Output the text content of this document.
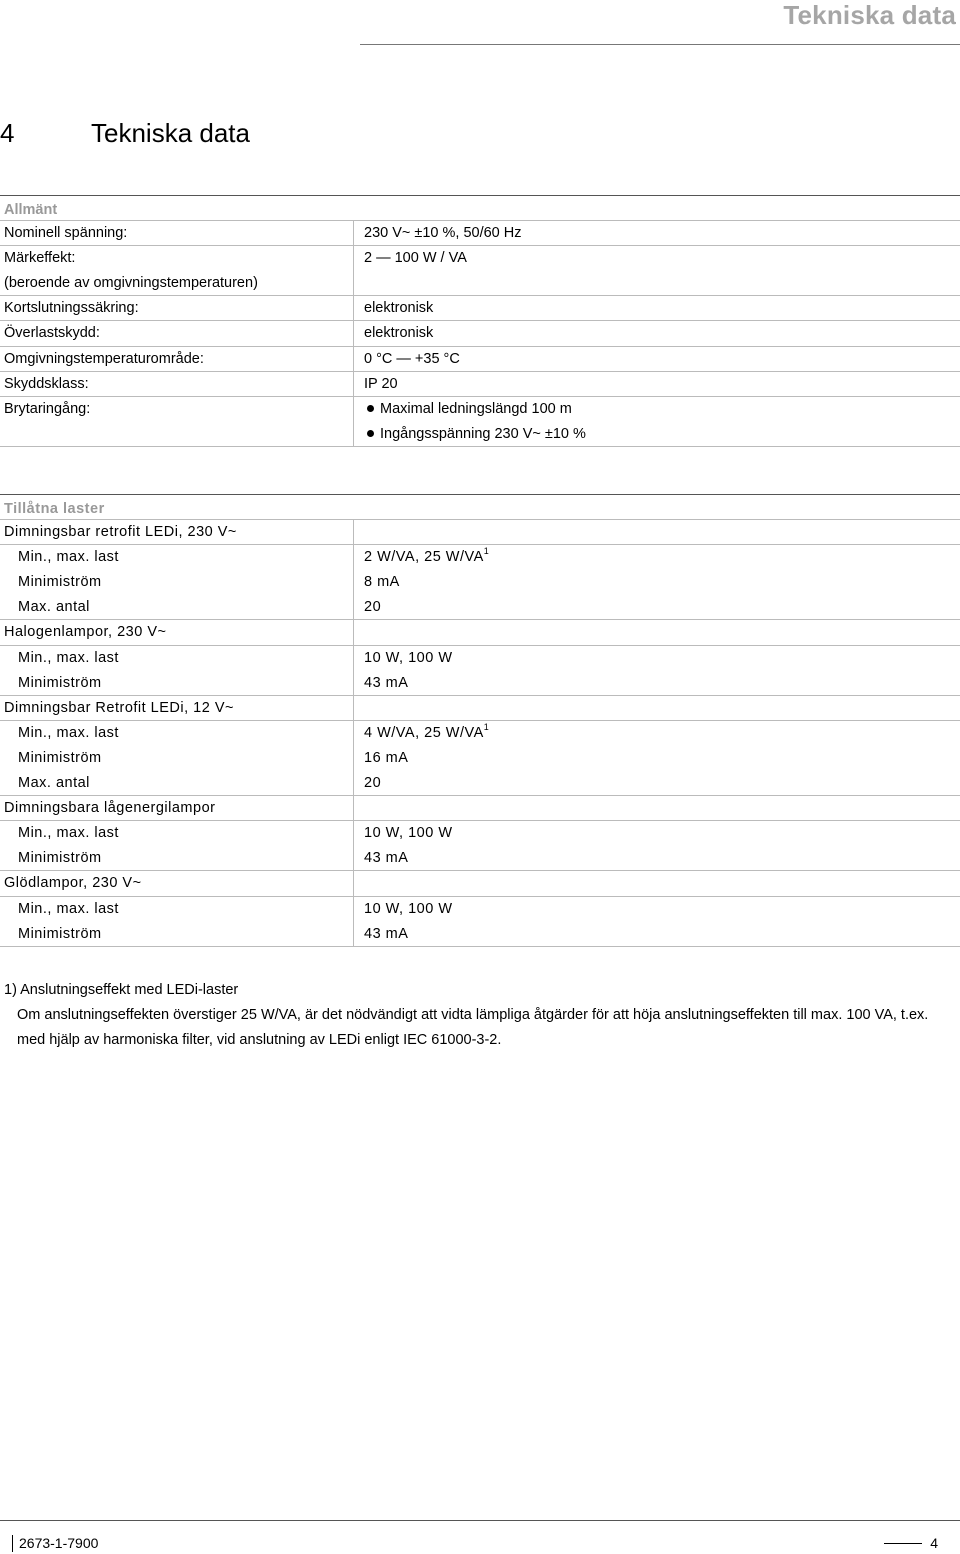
Tekniska data
4	Tekniska data
Allmänt
Nominell spänning:	230 V~ ±10 %, 50/60 Hz
Märkeffekt:	2 — 100 W / VA
(beroende av omgivningstemperaturen)
Kortslutningssäkring:	elektronisk
Överlastskydd:	elektronisk
Omgivningstemperaturområde:	0 °C — +35 °C
Skyddsklass:	IP 20
Brytaringång:	Maximal ledningslängd 100 m
Ingångsspänning 230 V~ ±10 %
Tillåtna laster
Dimningsbar retrofit LEDi, 230 V~
Min., max. last	2 W/VA, 25 $W/VA^1$
Minimiström	8 mA
Max. antal	20
Halogenlampor, 230 V~
Min., max. last	10 W, 100 W
Minimiström	43 mA
Dimningsbar Retrofit LEDi, 12 V~
Min., max. last	4 W/VA, 25 $W/VA^1$
Minimiström	16 mA
Max. antal	20
Dimningsbara lågenergilampor
Min., max. last	10 W, 100 W
Minimiström	43 mA
Glödlampor, 230 V~
Min., max. last	10 W, 100 W
Minimiström	43 mA
1) Anslutningseffekt med LEDi-laster
Om anslutningseffekten överstiger 25 W/VA, är det nödvändigt att vidta lämpliga åtgärder för att höja anslutningseffekten till max. 100 VA, t.ex. med hjälp av harmoniska filter, vid anslutning av LEDi enligt IEC 61000-3-2.
2673-1-7900	4
